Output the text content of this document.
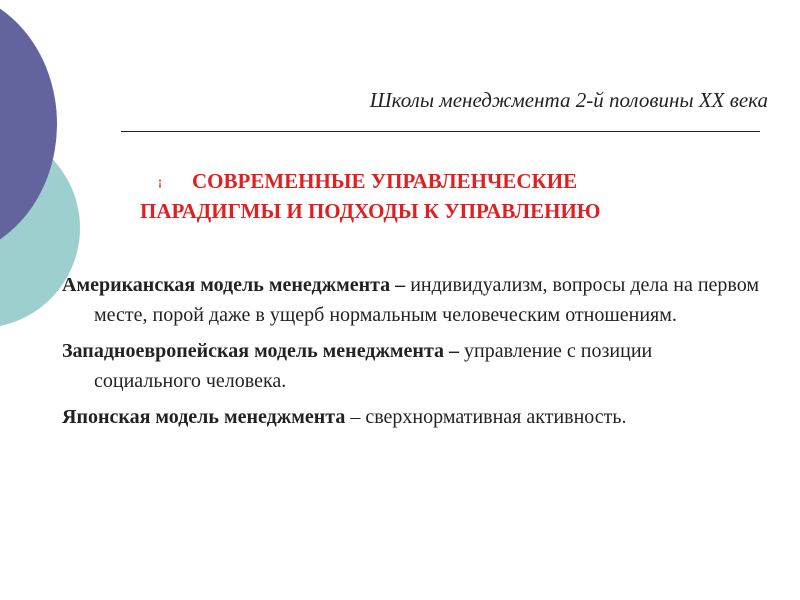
Школы менеджмента 2-й половины XX века
¡	СОВРЕМЕННЫЕ УПРАВЛЕНЧЕСКИЕ
ПАРАДИГМЫ И ПОДХОДЫ К УПРАВЛЕНИЮ
Американская модель менеджмента – индивидуализм, вопросы дела на первом месте, порой даже в ущерб нормальным человеческим отношениям.
Западноевропейская модель менеджмента – управление с позиции социального человека.
Японская модель менеджмента – сверхнормативная активность.
